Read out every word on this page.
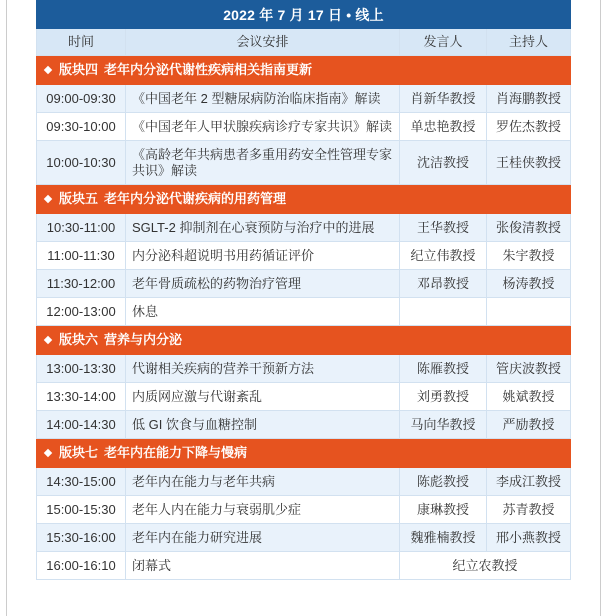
2022 年 7 月 17 日 • 线上			
时间	会议安排	发言人	主持人
版块四 老年内分泌代谢性疾病相关指南更新			
09:00-09:30	《中国老年 2 型糖尿病防治临床指南》解读	肖新华教授	肖海鹏教授
09:30-10:00	《中国老年人甲状腺疾病诊疗专家共识》解读	单忠艳教授	罗佐杰教授
10:00-10:30	《高龄老年共病患者多重用药安全性管理专家共识》解读	沈洁教授	王桂侠教授
版块五 老年内分泌代谢疾病的用药管理			
10:30-11:00	SGLT-2 抑制剂在心衰预防与治疗中的进展	王华教授	张俊清教授
11:00-11:30	内分泌科超说明书用药循证评价	纪立伟教授	朱宇教授
11:30-12:00	老年骨质疏松的药物治疗管理	邓昂教授	杨涛教授
12:00-13:00	休息		
版块六 营养与内分泌			
13:00-13:30	代谢相关疾病的营养干预新方法	陈雁教授	管庆波教授
13:30-14:00	内质网应激与代谢紊乱	刘勇教授	姚斌教授
14:00-14:30	低 GI 饮食与血糖控制	马向华教授	严励教授
版块七 老年内在能力下降与慢病			
14:30-15:00	老年内在能力与老年共病	陈彪教授	李成江教授
15:00-15:30	老年人内在能力与衰弱肌少症	康琳教授	苏青教授
15:30-16:00	老年内在能力研究进展	魏雅楠教授	邢小燕教授
16:00-16:10	闭幕式	纪立农教授	
